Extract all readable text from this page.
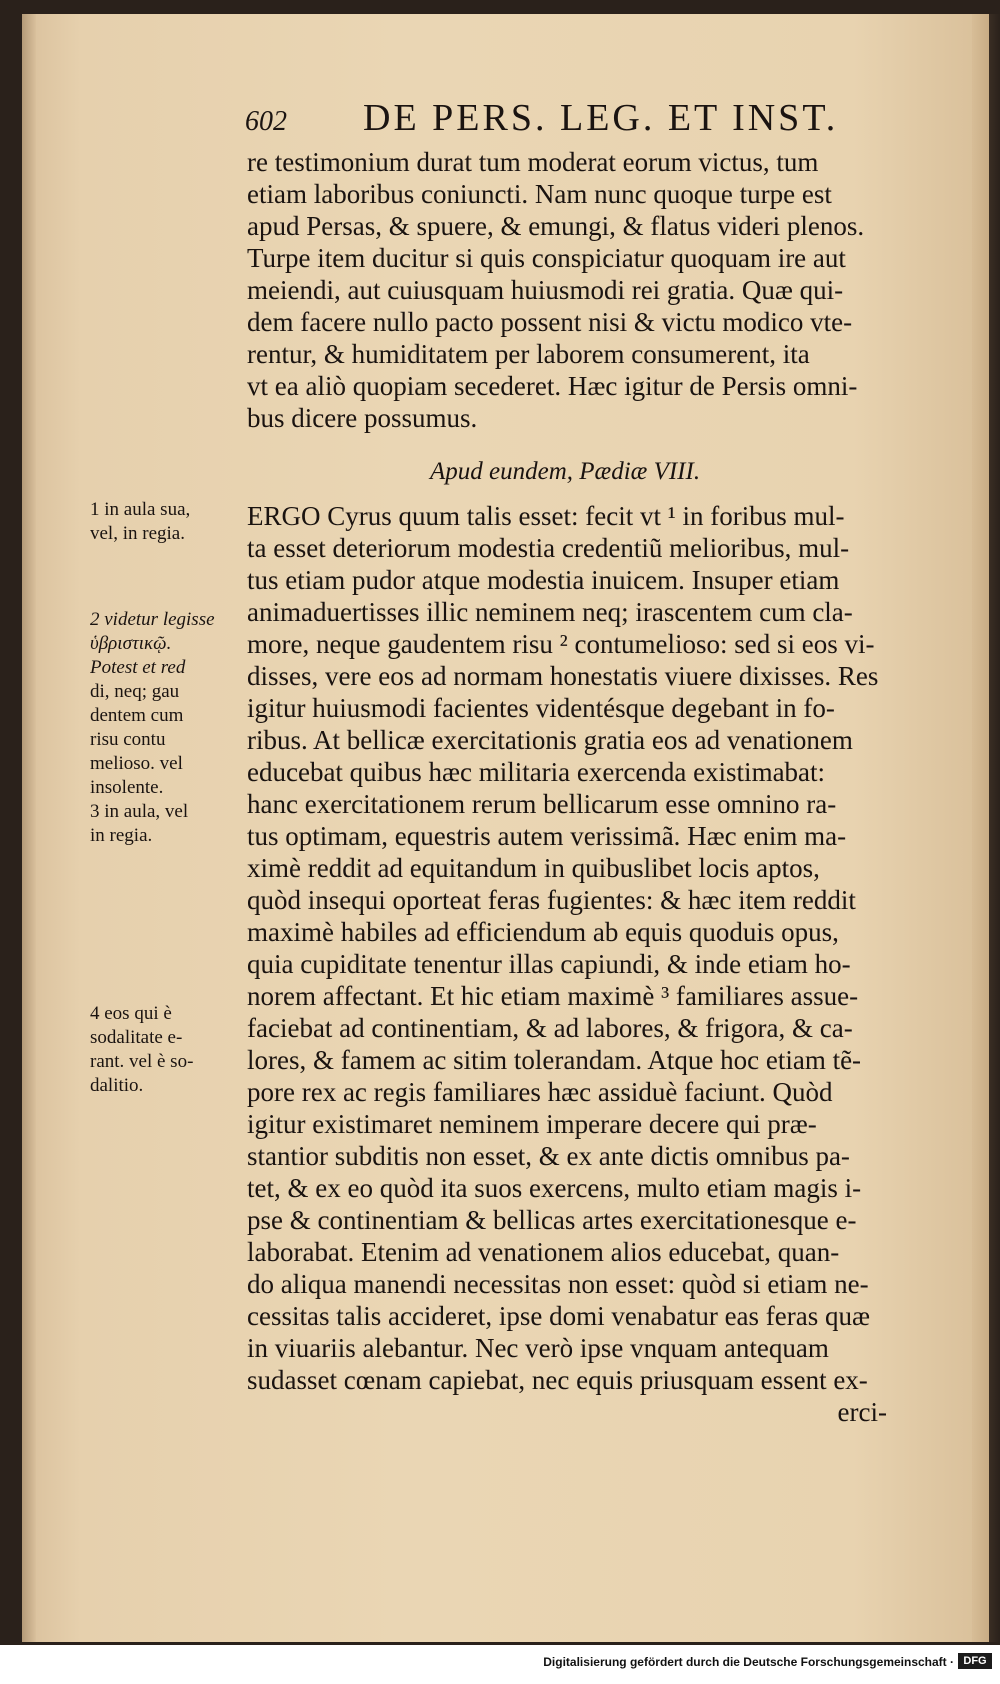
602 DE PERS. LEG. ET INST.
re testimonium durat tum moderat eorum victus, tum
etiam laboribus coniuncti. Nam nunc quoque turpe est
apud Persas, & spuere, & emungi, & flatus videri plenos.
Turpe item ducitur si quis conspiciatur quoquam ire aut
meiendi, aut cuiusquam huiusmodi rei gratia. Quæ qui-
dem facere nullo pacto possent nisi & victu modico vte-
rentur, & humiditatem per laborem consumerent, ita
vt ea aliò quopiam secederet. Hæc igitur de Persis omni-
bus dicere possumus.
Apud eundem, Pædiæ VIII.
ERGO Cyrus quum talis esset: fecit vt ¹ in foribus mul-
ta esset deteriorum modestia credentiũ melioribus, mul-
tus etiam pudor atque modestia inuicem. Insuper etiam
animaduertisses illic neminem neq; irascentem cum cla-
more, neque gaudentem risu ² contumelioso: sed si eos vi-
disses, vere eos ad normam honestatis viuere dixisses. Res
igitur huiusmodi facientes videntésque degebant in fo-
ribus. At bellicæ exercitationis gratia eos ad venationem
educebat quibus hæc militaria exercenda existimabat:
hanc exercitationem rerum bellicarum esse omnino ra-
tus optimam, equestris autem verissimã. Hæc enim ma-
ximè reddit ad equitandum in quibuslibet locis aptos,
quòd insequi oporteat feras fugientes: & hæc item reddit
maximè habiles ad efficiendum ab equis quoduis opus,
quia cupiditate tenentur illas capiundi, & inde etiam ho-
norem affectant. Et hic etiam maximè ³ familiares assue-
faciebat ad continentiam, & ad labores, & frigora, & ca-
lores, & famem ac sitim tolerandam. Atque hoc etiam tẽ-
pore rex ac regis familiares hæc assiduè faciunt. Quòd
igitur existimaret neminem imperare decere qui præ-
stantior subditis non esset, & ex ante dictis omnibus pa-
tet, & ex eo quòd ita suos exercens, multo etiam magis i-
pse & continentiam & bellicas artes exercitationesque e-
laborabat. Etenim ad venationem alios educebat, quan-
do aliqua manendi necessitas non esset: quòd si etiam ne-
cessitas talis accideret, ipse domi venabatur eas feras quæ
in viuariis alebantur. Nec verò ipse vnquam antequam
sudasset cœnam capiebat, nec equis priusquam essent ex-
erci-
1 in aula sua,
vel, in regia.
2 videtur legisse
ὑβριστικῷ.
Potest et red
di, neq; gau
dentem cum
risu contu
melioso. vel
insolente.
3 in aula, vel
in regia.
4 eos qui è
sodalitate e-
rant. vel è so-
dalitio.
Digitalisierung gefördert durch die Deutsche Forschungsgemeinschaft · DFG
